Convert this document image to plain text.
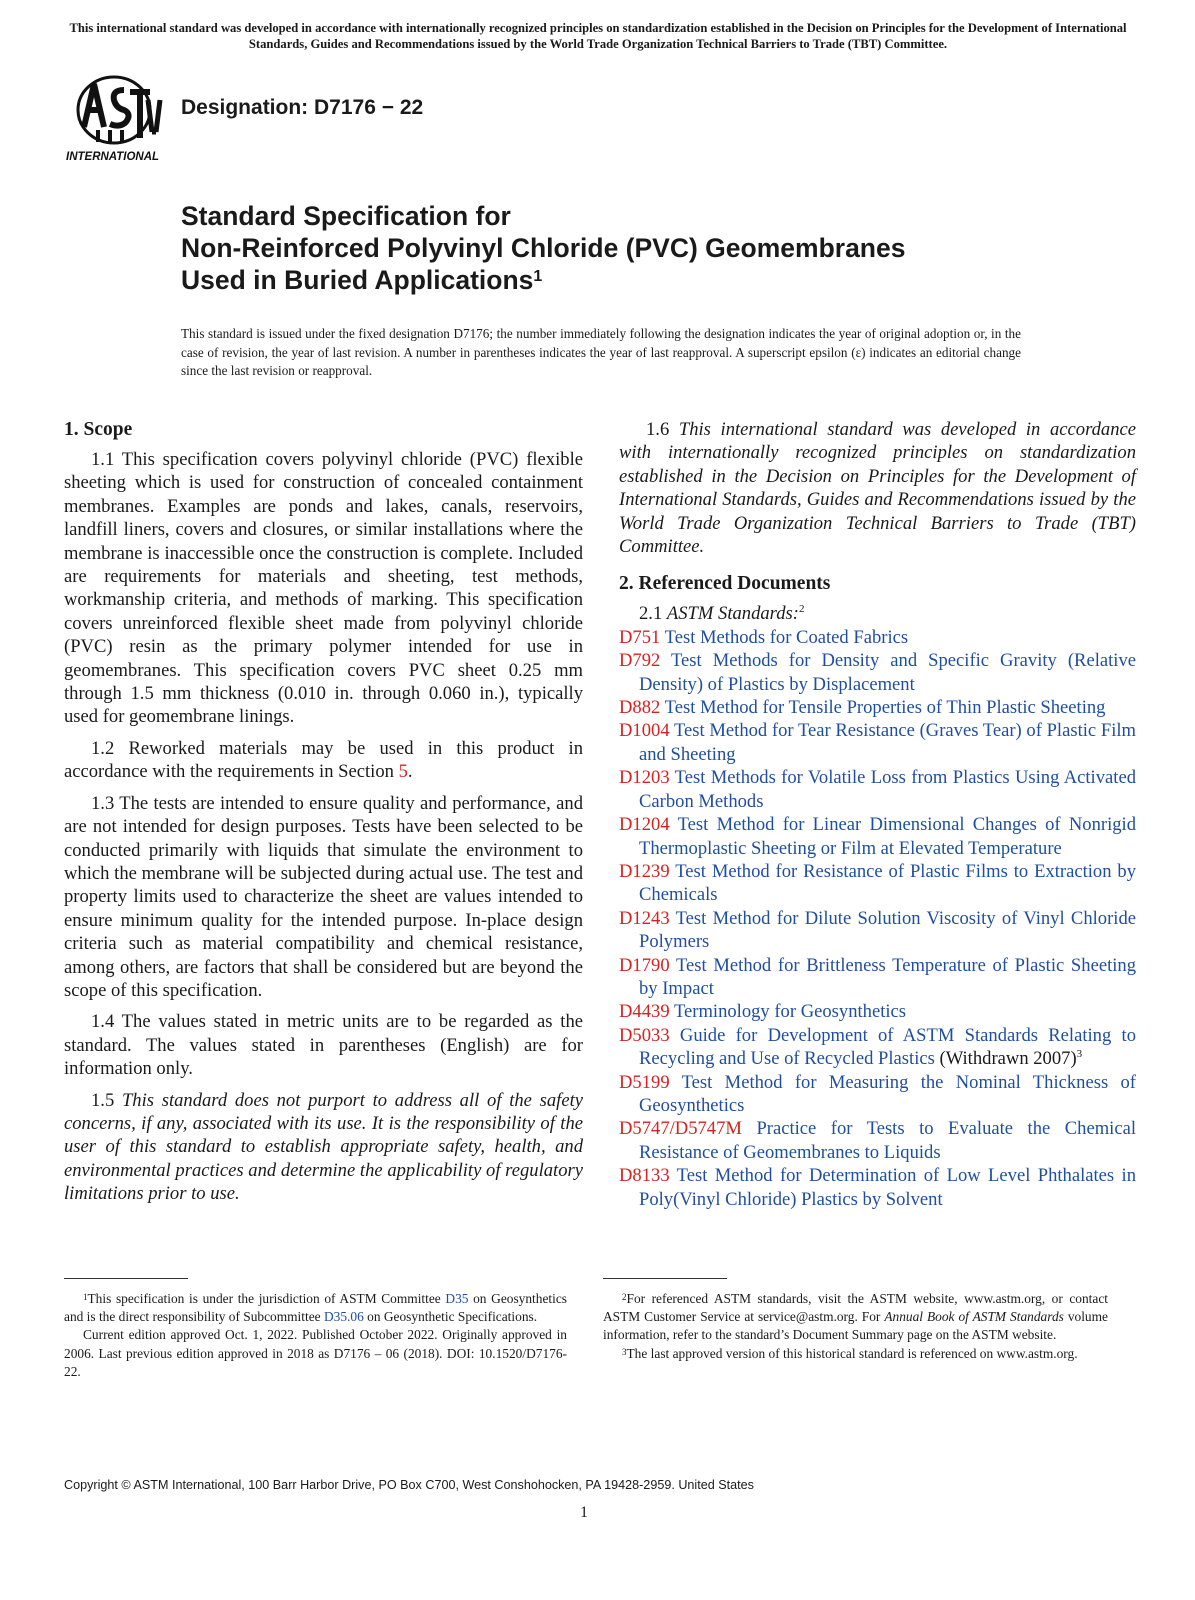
This international standard was developed in accordance with internationally recognized principles on standardization established in the Decision on Principles for the Development of International Standards, Guides and Recommendations issued by the World Trade Organization Technical Barriers to Trade (TBT) Committee.
INTERNATIONAL
Designation: D7176 − 22
Standard Specification for
Non-Reinforced Polyvinyl Chloride (PVC) Geomembranes
Used in Buried Applications$^1$
This standard is issued under the fixed designation D7176; the number immediately following the designation indicates the year of original adoption or, in the case of revision, the year of last revision. A number in parentheses indicates the year of last reapproval. A superscript epsilon (ε) indicates an editorial change since the last revision or reapproval.
1. Scope

1.1 This specification covers polyvinyl chloride (PVC) flexible sheeting which is used for construction of concealed containment membranes. Examples are ponds and lakes, canals, reservoirs, landfill liners, covers and closures, or similar installations where the membrane is inaccessible once the construction is complete. Included are requirements for materials and sheeting, test methods, workmanship criteria, and methods of marking. This specification covers unreinforced flexible sheet made from polyvinyl chloride (PVC) resin as the primary polymer intended for use in geomembranes. This specification covers PVC sheet 0.25 mm through 1.5 mm thickness (0.010 in. through 0.060 in.), typically used for geomembrane linings.

1.2 Reworked materials may be used in this product in accordance with the requirements in Section 5.

1.3 The tests are intended to ensure quality and performance, and are not intended for design purposes. Tests have been selected to be conducted primarily with liquids that simulate the environment to which the membrane will be subjected during actual use. The test and property limits used to characterize the sheet are values intended to ensure minimum quality for the intended purpose. In-place design criteria such as material compatibility and chemical resistance, among others, are factors that shall be considered but are beyond the scope of this specification.

1.4 The values stated in metric units are to be regarded as the standard. The values stated in parentheses (English) are for information only.

1.5 This standard does not purport to address all of the safety concerns, if any, associated with its use. It is the responsibility of the user of this standard to establish appropriate safety, health, and environmental practices and determine the applicability of regulatory limitations prior to use.

1.6 This international standard was developed in accordance with internationally recognized principles on standardization established in the Decision on Principles for the Development of International Standards, Guides and Recommendations issued by the World Trade Organization Technical Barriers to Trade (TBT) Committee.

2. Referenced Documents

2.1 ASTM Standards:$^2$

D751 Test Methods for Coated Fabrics

D792 Test Methods for Density and Specific Gravity (Relative Density) of Plastics by Displacement

D882 Test Method for Tensile Properties of Thin Plastic Sheeting

D1004 Test Method for Tear Resistance (Graves Tear) of Plastic Film and Sheeting

D1203 Test Methods for Volatile Loss from Plastics Using Activated Carbon Methods

D1204 Test Method for Linear Dimensional Changes of Nonrigid Thermoplastic Sheeting or Film at Elevated Temperature

D1239 Test Method for Resistance of Plastic Films to Extraction by Chemicals

D1243 Test Method for Dilute Solution Viscosity of Vinyl Chloride Polymers

D1790 Test Method for Brittleness Temperature of Plastic Sheeting by Impact

D4439 Terminology for Geosynthetics

D5033 Guide for Development of ASTM Standards Relating to Recycling and Use of Recycled Plastics (Withdrawn 2007)$^3$

D5199 Test Method for Measuring the Nominal Thickness of Geosynthetics

D5747/D5747M Practice for Tests to Evaluate the Chemical Resistance of Geomembranes to Liquids

D8133 Test Method for Determination of Low Level Phthalates in Poly(Vinyl Chloride) Plastics by Solvent

$^1$This specification is under the jurisdiction of ASTM Committee D35 on Geosynthetics and is the direct responsibility of Subcommittee D35.06 on Geosynthetic Specifications.

Current edition approved Oct. 1, 2022. Published October 2022. Originally approved in 2006. Last previous edition approved in 2018 as D7176 – 06 (2018). DOI: 10.1520/D7176-22.

$^2$For referenced ASTM standards, visit the ASTM website, www.astm.org, or contact ASTM Customer Service at service@astm.org. For Annual Book of ASTM Standards volume information, refer to the standard’s Document Summary page on the ASTM website.

$^3$The last approved version of this historical standard is referenced on www.astm.org.

Copyright © ASTM International, 100 Barr Harbor Drive, PO Box C700, West Conshohocken, PA 19428-2959. United States
1
